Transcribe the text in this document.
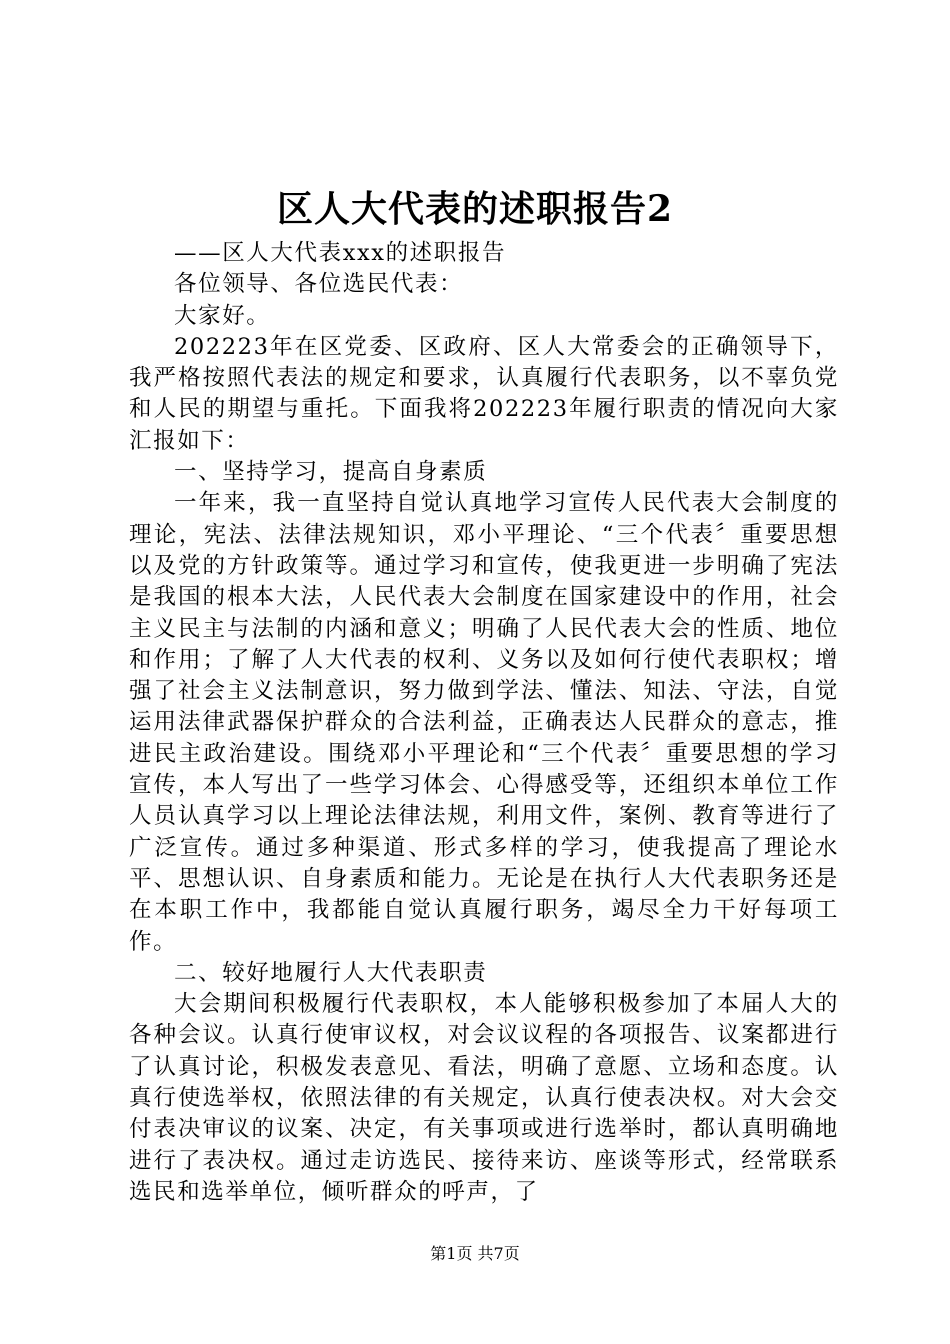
区人大代表的述职报告2

——区人大代表xxx的述职报告

各位领导、各位选民代表：

大家好。

202223年在区党委、区政府、区人大常委会的正确领导下，我严格按照代表法的规定和要求，认真履行代表职务，以不辜负党和人民的期望与重托。下面我将202223年履行职责的情况向大家汇报如下：

一、坚持学习，提高自身素质

一年来，我一直坚持自觉认真地学习宣传人民代表大会制度的理论，宪法、法律法规知识，邓小平理论、“三个代表〞重要思想以及党的方针政策等。通过学习和宣传，使我更进一步明确了宪法是我国的根本大法，人民代表大会制度在国家建设中的作用，社会主义民主与法制的内涵和意义；明确了人民代表大会的性质、地位和作用；了解了人大代表的权利、义务以及如何行使代表职权；增强了社会主义法制意识，努力做到学法、懂法、知法、守法，自觉运用法律武器保护群众的合法利益，正确表达人民群众的意志，推进民主政治建设。围绕邓小平理论和“三个代表〞重要思想的学习宣传，本人写出了一些学习体会、心得感受等，还组织本单位工作人员认真学习以上理论法律法规，利用文件，案例、教育等进行了广泛宣传。通过多种渠道、形式多样的学习，使我提高了理论水平、思想认识、自身素质和能力。无论是在执行人大代表职务还是在本职工作中，我都能自觉认真履行职务，竭尽全力干好每项工作。

二、较好地履行人大代表职责

大会期间积极履行代表职权，本人能够积极参加了本届人大的各种会议。认真行使审议权，对会议议程的各项报告、议案都进行了认真讨论，积极发表意见、看法，明确了意愿、立场和态度。认真行使选举权，依照法律的有关规定，认真行使表决权。对大会交付表决审议的议案、决定，有关事项或进行选举时，都认真明确地进行了表决权。通过走访选民、接待来访、座谈等形式，经常联系选民和选举单位，倾听群众的呼声，了

第1页 共7页
